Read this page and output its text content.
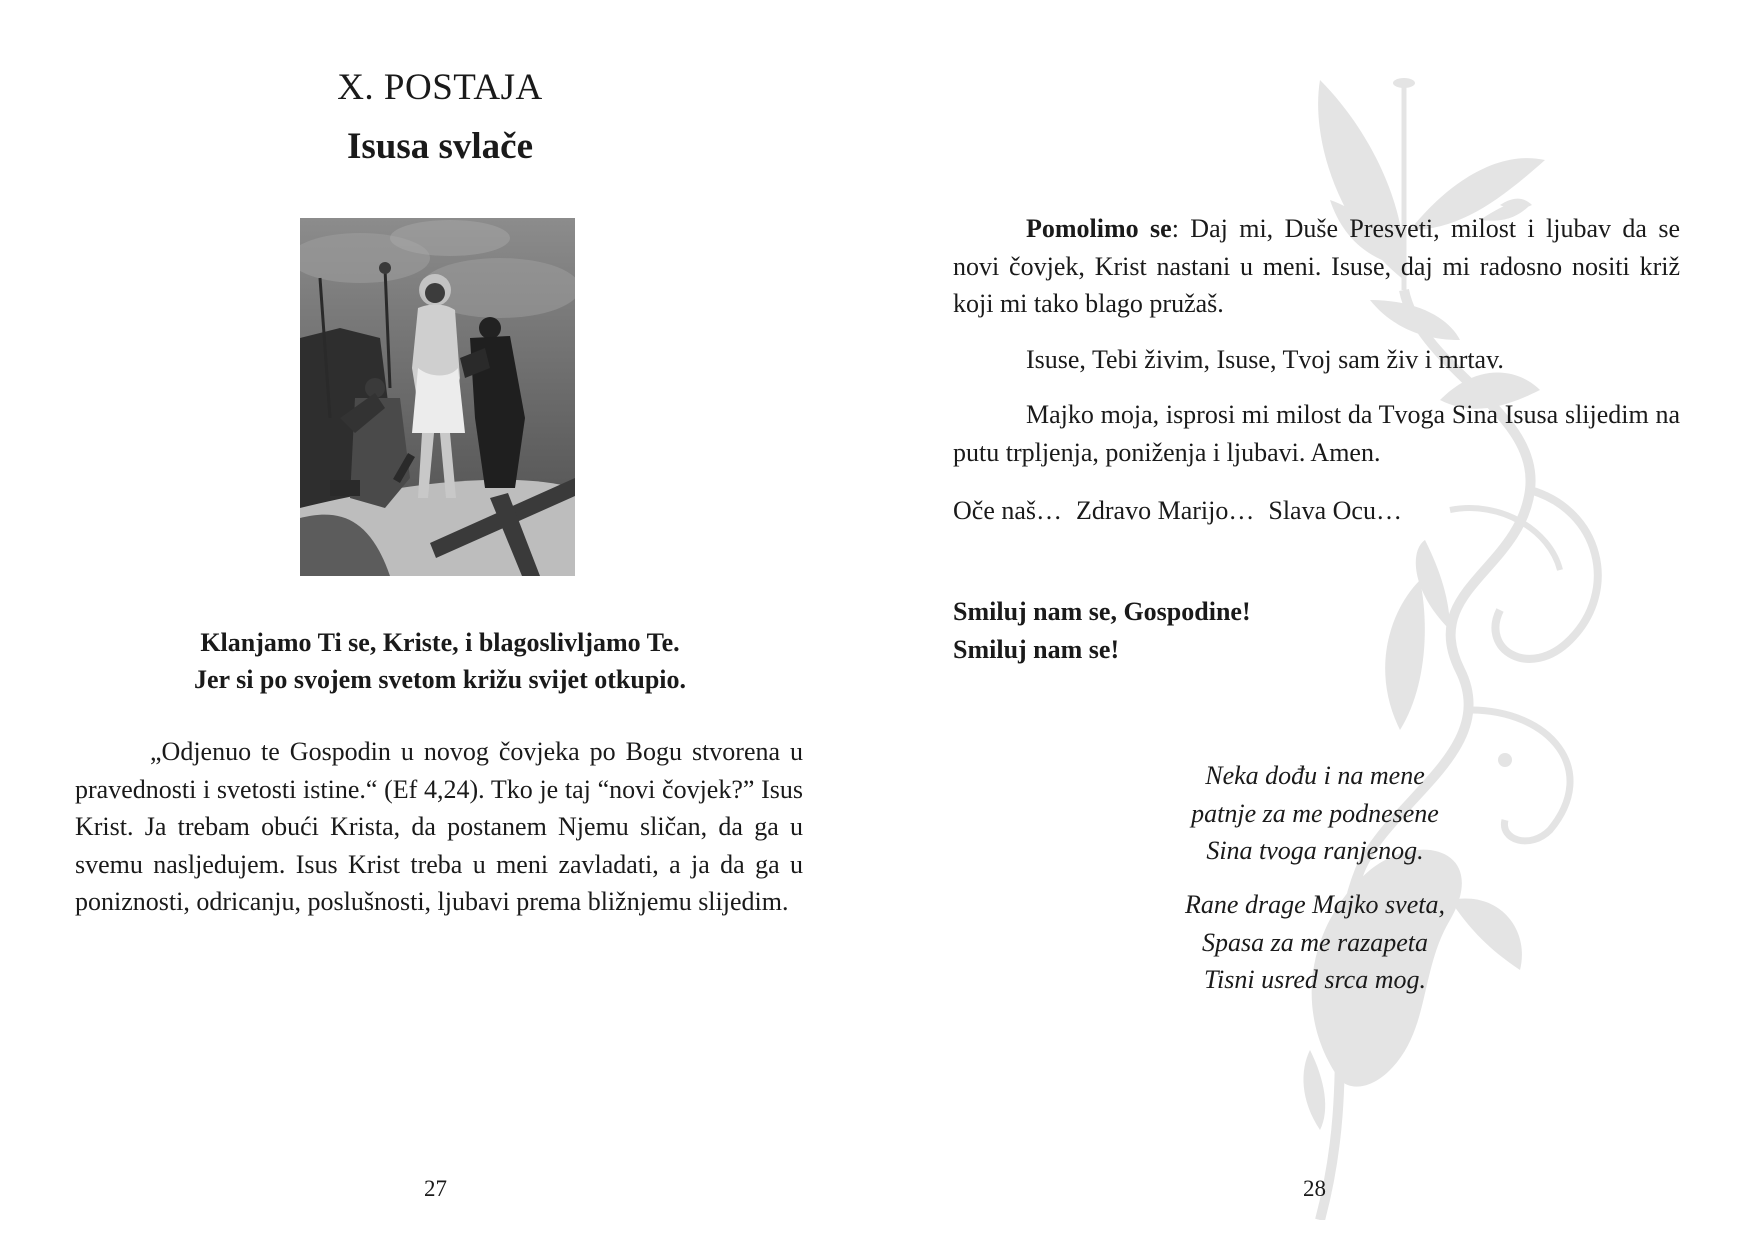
X. POSTAJA
Isusa svlače
Klanjamo Ti se, Kriste, i blagoslivljamo Te.
Jer si po svojem svetom križu svijet otkupio.

„Odjenuo te Gospodin u novog čovjeka po Bogu stvorena u pravednosti i svetosti istine.“ (Ef 4,24). Tko je taj “novi čovjek?” Isus Krist. Ja trebam obući Krista, da postanem Njemu sličan, da ga u svemu nasljedujem. Isus Krist treba u meni zavladati, a ja da ga u poniznosti, odricanju, poslušnosti, ljubavi prema bližnjemu slijedim.

27

Pomolimo se: Daj mi, Duše Presveti, milost i ljubav da se novi čovjek, Krist nastani u meni. Isuse, daj mi radosno nositi križ koji mi tako blago pružaš.

Isuse, Tebi živim, Isuse, Tvoj sam živ i mrtav.

Majko moja, isprosi mi milost da Tvoga Sina Isusa slijedim na putu trpljenja, poniženja i ljubavi. Amen.

Oče naš… Zdravo Marijo… Slava Ocu…

Smiluj nam se, Gospodine!
Smiluj nam se!
Neka dođu i na mene
patnje za me podnesene
Sina tvoga ranjenog.
Rane drage Majko sveta,
Spasa za me razapeta
Tisni usred srca mog.
28
